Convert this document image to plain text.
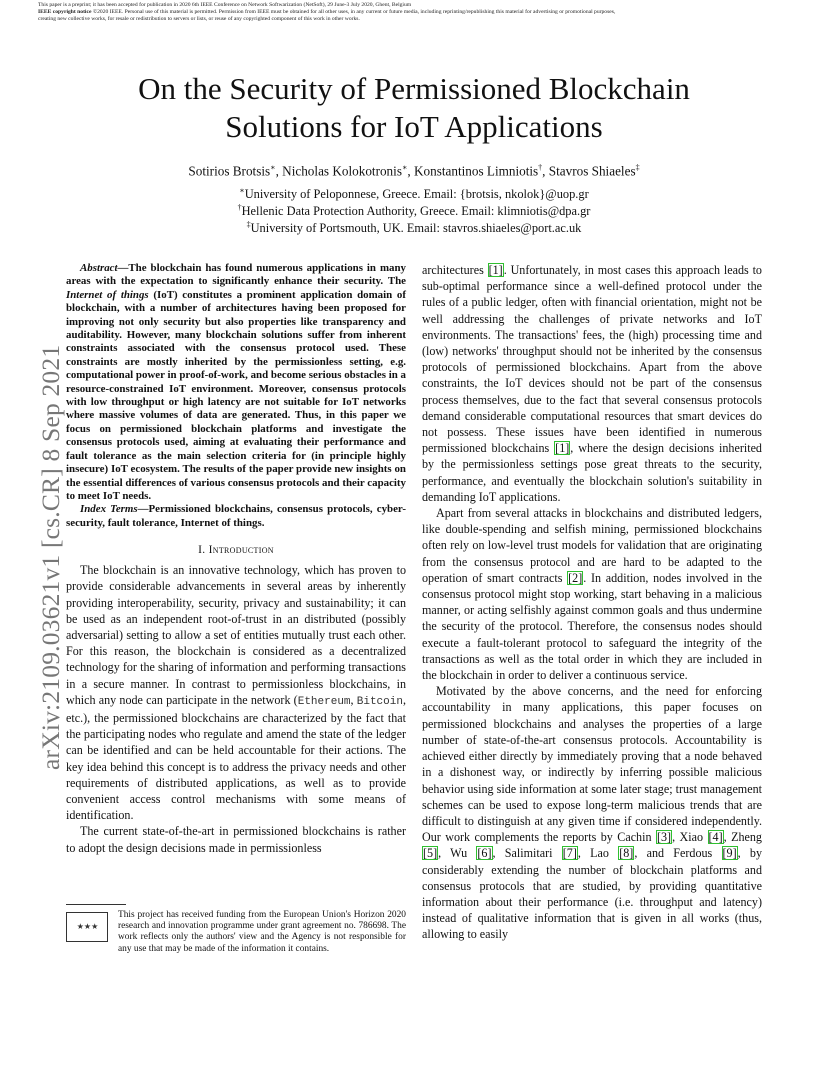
This paper is a preprint; it has been accepted for publication in 2020 6th IEEE Conference on Network Softwarization (NetSoft), 29 June-3 July 2020, Ghent, Belgium

IEEE copyright notice ©2020 IEEE. Personal use of this material is permitted. Permission from IEEE must be obtained for all other uses, in any current or future media, including reprinting/republishing this material for advertising or promotional purposes,

creating new collective works, for resale or redistribution to servers or lists, or reuse of any copyrighted component of this work in other works.

On the Security of Permissioned Blockchain
Solutions for IoT Applications
Sotirios Brotsis∗, Nicholas Kolokotronis∗, Konstantinos Limniotis†, Stavros Shiaeles‡
∗University of Peloponnese, Greece. Email: {brotsis, nkolok}@uop.gr
†Hellenic Data Protection Authority, Greece. Email: klimniotis@dpa.gr
‡University of Portsmouth, UK. Email: stavros.shiaeles@port.ac.uk
arXiv:2109.03621v1 [cs.CR] 8 Sep 2021

Abstract—The blockchain has found numerous applications in many areas with the expectation to significantly enhance their security. The Internet of things (IoT) constitutes a prominent application domain of blockchain, with a number of architectures having been proposed for improving not only security but also properties like transparency and auditability. However, many blockchain solutions suffer from inherent constraints associated with the consensus protocol used. These constraints are mostly inherited by the permissionless setting, e.g. computational power in proof-of-work, and become serious obstacles in a resource-constrained IoT environment. Moreover, consensus protocols with low throughput or high latency are not suitable for IoT networks where massive volumes of data are generated. Thus, in this paper we focus on permissioned blockchain platforms and investigate the consensus protocols used, aiming at evaluating their performance and fault tolerance as the main selection criteria for (in principle highly insecure) IoT ecosystem. The results of the paper provide new insights on the essential differences of various consensus protocols and their capacity to meet IoT needs.

Index Terms—Permissioned blockchains, consensus protocols, cyber-security, fault tolerance, Internet of things.

I. Introduction

The blockchain is an innovative technology, which has proven to provide considerable advancements in several areas by inherently providing interoperability, security, privacy and sustainability; it can be used as an independent root-of-trust in an distributed (possibly adversarial) setting to allow a set of entities mutually trust each other. For this reason, the blockchain is considered as a decentralized technology for the sharing of information and performing transactions in a secure manner. In contrast to permissionless blockchains, in which any node can participate in the network (Ethereum, Bitcoin, etc.), the permissioned blockchains are characterized by the fact that the participating nodes who regulate and amend the state of the ledger can be identified and can be held accountable for their actions. The key idea behind this concept is to address the privacy needs and other requirements of distributed applications, as well as to provide convenient access control mechanisms with some means of identification.

The current state-of-the-art in permissioned blockchains is rather to adopt the design decisions made in permissionless

★ ★ ★
This project has received funding from the European Union's Horizon 2020 research and innovation programme under grant agreement no. 786698. The work reflects only the authors' view and the Agency is not responsible for any use that may be made of the information it contains.

architectures [1]. Unfortunately, in most cases this approach leads to sub-optimal performance since a well-defined protocol under the rules of a public ledger, often with financial orientation, might not be well addressing the challenges of private networks and IoT environments. The transactions' fees, the (high) processing time and (low) networks' throughput should not be inherited by the consensus protocols of permissioned blockchains. Apart from the above constraints, the IoT devices should not be part of the consensus process themselves, due to the fact that several consensus protocols demand considerable computational resources that smart devices do not possess. These issues have been identified in numerous permissioned blockchains [1], where the design decisions inherited by the permissionless settings pose great threats to the security, performance, and eventually the blockchain solution's suitability in demanding IoT applications.

Apart from several attacks in blockchains and distributed ledgers, like double-spending and selfish mining, permissioned blockchains often rely on low-level trust models for validation that are originating from the consensus protocol and are hard to be adapted to the operation of smart contracts [2]. In addition, nodes involved in the consensus protocol might stop working, start behaving in a malicious manner, or acting selfishly against common goals and thus undermine the security of the protocol. Therefore, the consensus nodes should execute a fault-tolerant protocol to safeguard the integrity of the transactions as well as the total order in which they are included in the blockchain in order to deliver a continuous service.

Motivated by the above concerns, and the need for enforcing accountability in many applications, this paper focuses on permissioned blockchains and analyses the properties of a large number of state-of-the-art consensus protocols. Accountability is achieved either directly by immediately proving that a node behaved in a dishonest way, or indirectly by inferring possible malicious behavior using side information at some later stage; trust management schemes can be used to expose long-term malicious trends that are difficult to distinguish at any given time if considered independently. Our work complements the reports by Cachin [3], Xiao [4], Zheng [5], Wu [6], Salimitari [7], Lao [8], and Ferdous [9], by considerably extending the number of blockchain platforms and consensus protocols that are studied, by providing quantitative information about their performance (i.e. throughput and latency) instead of qualitative information that is given in all works (thus, allowing to easily
